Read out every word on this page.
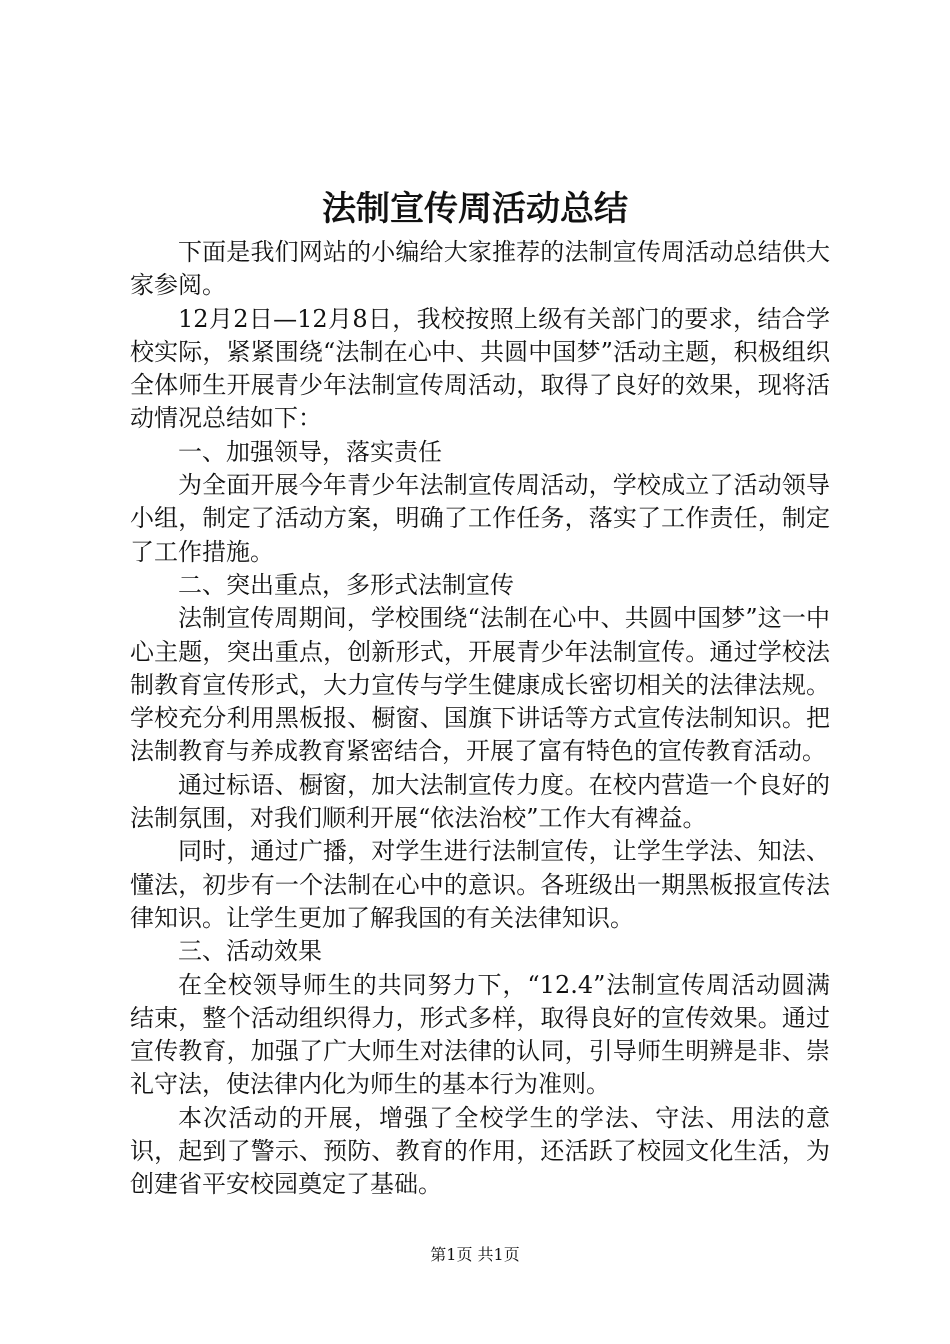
法制宣传周活动总结

下面是我们网站的小编给大家推荐的法制宣传周活动总结供大家参阅。

12月2日—12月8日，我校按照上级有关部门的要求，结合学校实际，紧紧围绕“法制在心中、共圆中国梦”活动主题，积极组织全体师生开展青少年法制宣传周活动，取得了良好的效果，现将活动情况总结如下：

一、加强领导，落实责任

为全面开展今年青少年法制宣传周活动，学校成立了活动领导小组，制定了活动方案，明确了工作任务，落实了工作责任，制定了工作措施。

二、突出重点，多形式法制宣传

法制宣传周期间，学校围绕“法制在心中、共圆中国梦”这一中心主题，突出重点，创新形式，开展青少年法制宣传。通过学校法制教育宣传形式，大力宣传与学生健康成长密切相关的法律法规。学校充分利用黑板报、橱窗、国旗下讲话等方式宣传法制知识。把法制教育与养成教育紧密结合，开展了富有特色的宣传教育活动。

通过标语、橱窗，加大法制宣传力度。在校内营造一个良好的法制氛围，对我们顺利开展“依法治校”工作大有裨益。

同时，通过广播，对学生进行法制宣传，让学生学法、知法、懂法，初步有一个法制在心中的意识。各班级出一期黑板报宣传法律知识。让学生更加了解我国的有关法律知识。

三、活动效果

在全校领导师生的共同努力下，“12.4”法制宣传周活动圆满结束，整个活动组织得力，形式多样，取得良好的宣传效果。通过宣传教育，加强了广大师生对法律的认同，引导师生明辨是非、崇礼守法，使法律内化为师生的基本行为准则。

本次活动的开展，增强了全校学生的学法、守法、用法的意识，起到了警示、预防、教育的作用，还活跃了校园文化生活，为创建省平安校园奠定了基础。

第1页 共1页
